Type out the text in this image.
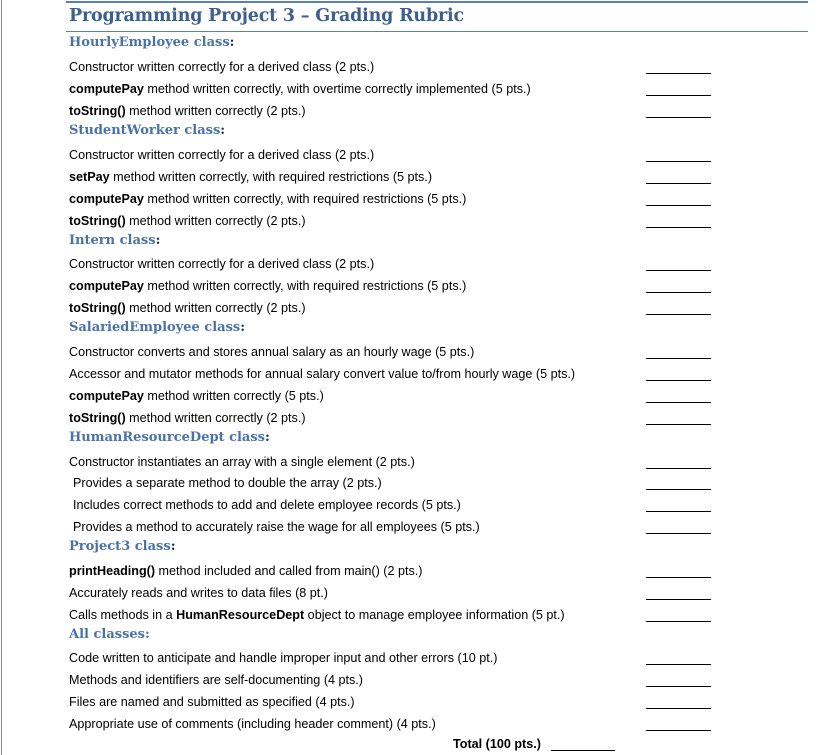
Programming Project 3 – Grading Rubric
HourlyEmployee class:
Constructor written correctly for a derived class (2 pts.)
computePay method written correctly, with overtime correctly implemented (5 pts.)
toString() method written correctly (2 pts.)
StudentWorker class:
Constructor written correctly for a derived class (2 pts.)
setPay method written correctly, with required restrictions (5 pts.)
computePay method written correctly, with required restrictions (5 pts.)
toString() method written correctly (2 pts.)
Intern class:
Constructor written correctly for a derived class (2 pts.)
computePay method written correctly, with required restrictions (5 pts.)
toString() method written correctly (2 pts.)
SalariedEmployee class:
Constructor converts and stores annual salary as an hourly wage (5 pts.)
Accessor and mutator methods for annual salary convert value to/from hourly wage (5 pts.)
computePay method written correctly (5 pts.)
toString() method written correctly (2 pts.)
HumanResourceDept class:
Constructor instantiates an array with a single element (2 pts.)
Provides a separate method to double the array (2 pts.)
Includes correct methods to add and delete employee records (5 pts.)
Provides a method to accurately raise the wage for all employees (5 pts.)
Project3 class:
printHeading() method included and called from main() (2 pts.)
Accurately reads and writes to data files (8 pt.)
Calls methods in a HumanResourceDept object to manage employee information (5 pt.)
All classes:
Code written to anticipate and handle improper input and other errors (10 pt.)
Methods and identifiers are self-documenting (4 pts.)
Files are named and submitted as specified (4 pts.)
Appropriate use of comments (including header comment) (4 pts.)
Total (100 pts.)
